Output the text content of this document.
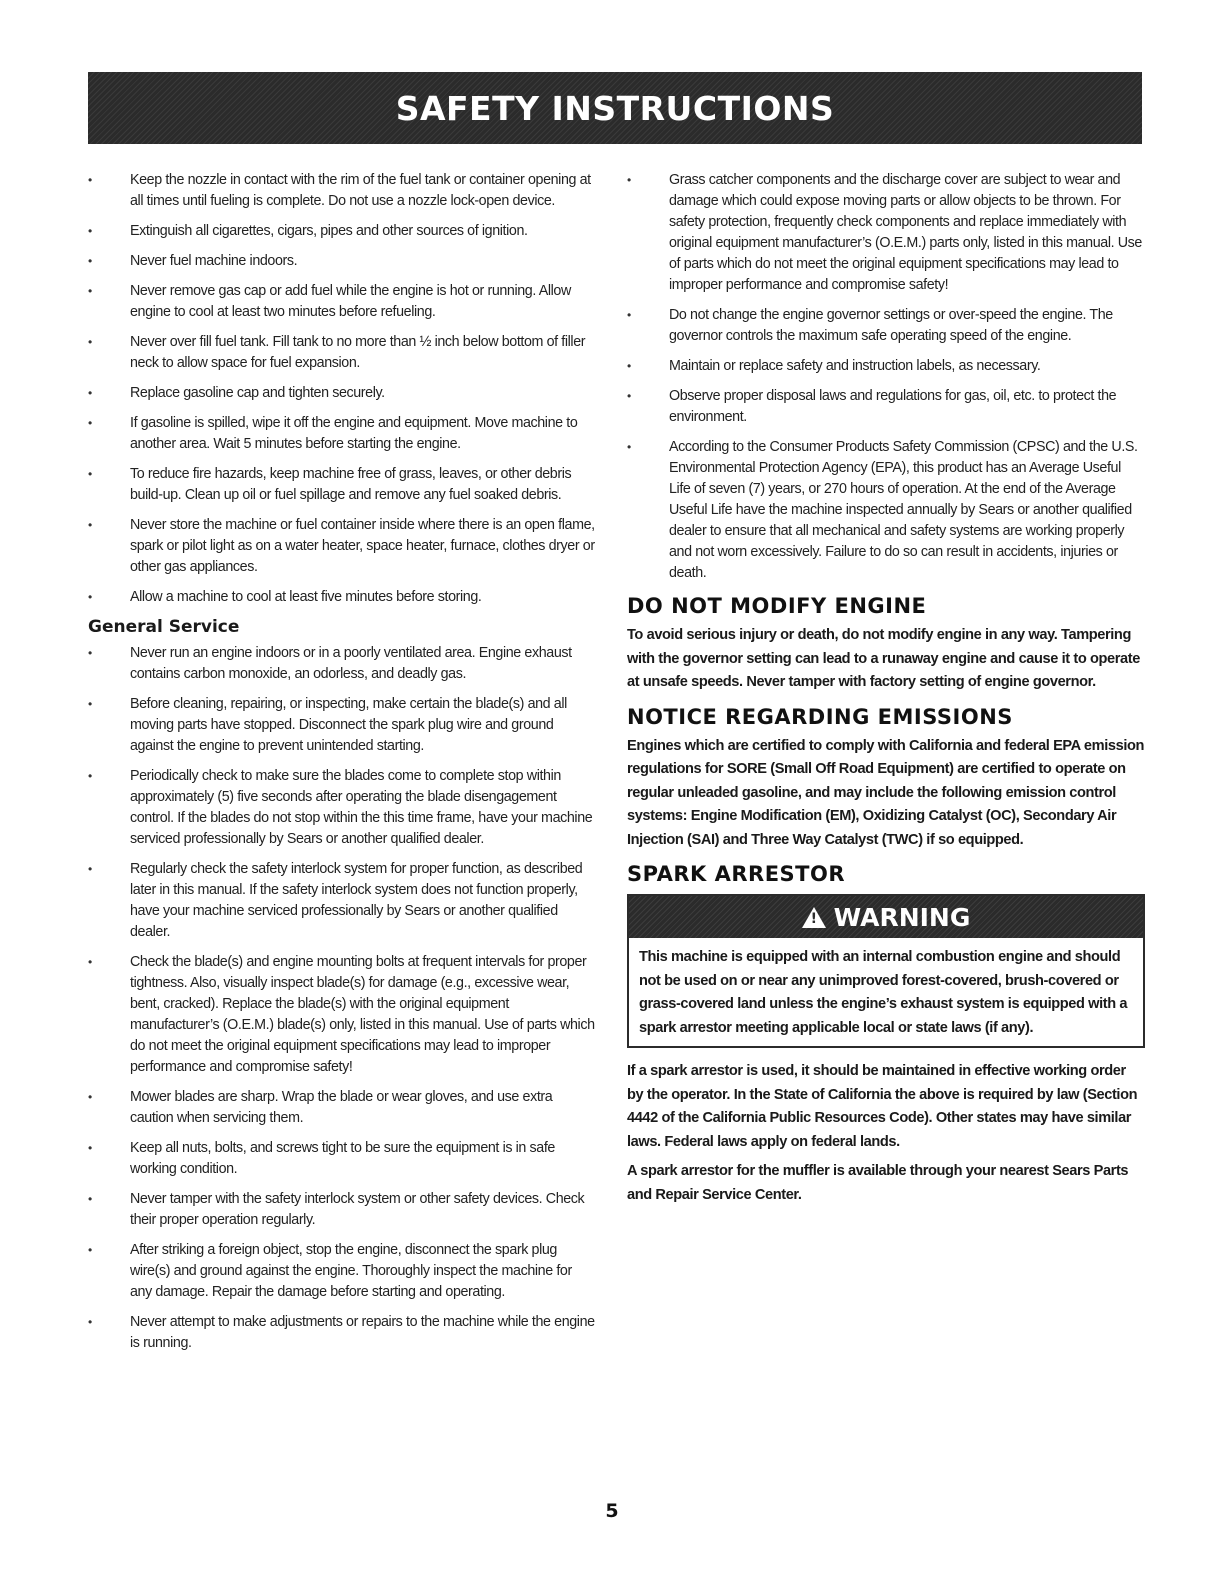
SAFETY INSTRUCTIONS
• Keep the nozzle in contact with the rim of the fuel tank or container opening at all times until fueling is complete. Do not use a nozzle lock-open device.
• Extinguish all cigarettes, cigars, pipes and other sources of ignition.
• Never fuel machine indoors.
• Never remove gas cap or add fuel while the engine is hot or running. Allow engine to cool at least two minutes before refueling.
• Never over fill fuel tank. Fill tank to no more than ½ inch below bottom of filler neck to allow space for fuel expansion.
• Replace gasoline cap and tighten securely.
• If gasoline is spilled, wipe it off the engine and equipment. Move machine to another area. Wait 5 minutes before starting the engine.
• To reduce fire hazards, keep machine free of grass, leaves, or other debris build-up. Clean up oil or fuel spillage and remove any fuel soaked debris.
• Never store the machine or fuel container inside where there is an open flame, spark or pilot light as on a water heater, space heater, furnace, clothes dryer or other gas appliances.
• Allow a machine to cool at least five minutes before storing.
General Service
• Never run an engine indoors or in a poorly ventilated area. Engine exhaust contains carbon monoxide, an odorless, and deadly gas.
• Before cleaning, repairing, or inspecting, make certain the blade(s) and all moving parts have stopped. Disconnect the spark plug wire and ground against the engine to prevent unintended starting.
• Periodically check to make sure the blades come to complete stop within approximately (5) five seconds after operating the blade disengagement control. If the blades do not stop within the this time frame, have your machine serviced professionally by Sears or another qualified dealer.
• Regularly check the safety interlock system for proper function, as described later in this manual. If the safety interlock system does not function properly, have your machine serviced professionally by Sears or another qualified dealer.
• Check the blade(s) and engine mounting bolts at frequent intervals for proper tightness. Also, visually inspect blade(s) for damage (e.g., excessive wear, bent, cracked). Replace the blade(s) with the original equipment manufacturer’s (O.E.M.) blade(s) only, listed in this manual. Use of parts which do not meet the original equipment specifications may lead to improper performance and compromise safety!
• Mower blades are sharp. Wrap the blade or wear gloves, and use extra caution when servicing them.
• Keep all nuts, bolts, and screws tight to be sure the equipment is in safe working condition.
• Never tamper with the safety interlock system or other safety devices. Check their proper operation regularly.
• After striking a foreign object, stop the engine, disconnect the spark plug wire(s) and ground against the engine. Thoroughly inspect the machine for any damage. Repair the damage before starting and operating.
• Never attempt to make adjustments or repairs to the machine while the engine is running.
• Grass catcher components and the discharge cover are subject to wear and damage which could expose moving parts or allow objects to be thrown. For safety protection, frequently check components and replace immediately with original equipment manufacturer’s (O.E.M.) parts only, listed in this manual. Use of parts which do not meet the original equipment specifications may lead to improper performance and compromise safety!
• Do not change the engine governor settings or over-speed the engine. The governor controls the maximum safe operating speed of the engine.
• Maintain or replace safety and instruction labels, as necessary.
• Observe proper disposal laws and regulations for gas, oil, etc. to protect the environment.
• According to the Consumer Products Safety Commission (CPSC) and the U.S. Environmental Protection Agency (EPA), this product has an Average Useful Life of seven (7) years, or 270 hours of operation. At the end of the Average Useful Life have the machine inspected annually by Sears or another qualified dealer to ensure that all mechanical and safety systems are working properly and not worn excessively. Failure to do so can result in accidents, injuries or death.
DO NOT MODIFY ENGINE

To avoid serious injury or death, do not modify engine in any way. Tampering with the governor setting can lead to a runaway engine and cause it to operate at unsafe speeds. Never tamper with factory setting of engine governor.

NOTICE REGARDING EMISSIONS

Engines which are certified to comply with California and federal EPA emission regulations for SORE (Small Off Road Equipment) are certified to operate on regular unleaded gasoline, and may include the following emission control systems: Engine Modification (EM), Oxidizing Catalyst (OC), Secondary Air Injection (SAI) and Three Way Catalyst (TWC) if so equipped.

SPARK ARRESTOR
! WARNING
This machine is equipped with an internal combustion engine and should not be used on or near any unimproved forest-covered, brush-covered or grass-covered land unless the engine’s exhaust system is equipped with a spark arrestor meeting applicable local or state laws (if any).

If a spark arrestor is used, it should be maintained in effective working order by the operator. In the State of California the above is required by law (Section 4442 of the California Public Resources Code). Other states may have similar laws. Federal laws apply on federal lands.

A spark arrestor for the muffler is available through your nearest Sears Parts and Repair Service Center.

5
